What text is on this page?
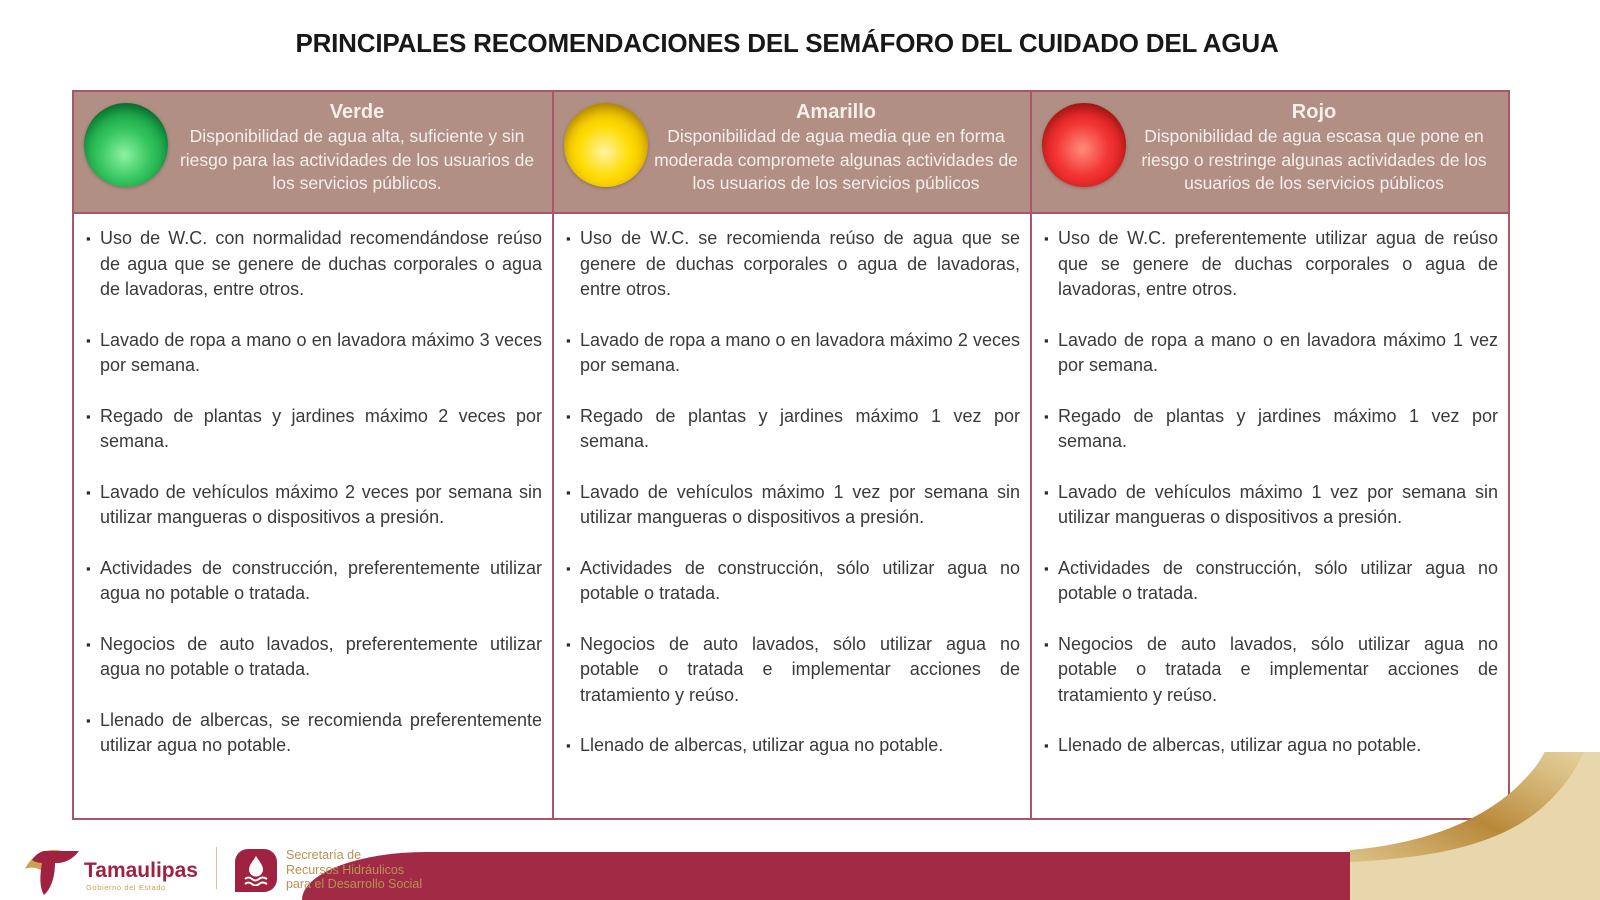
PRINCIPALES RECOMENDACIONES DEL SEMÁFORO DEL CUIDADO DEL AGUA
Verde
Disponibilidad de agua alta, suficiente y sin riesgo para las actividades de los usuarios de los servicios públicos.

▪ Uso de W.C. con normalidad recomendándose reúso de agua que se genere de duchas corporales o agua de lavadoras, entre otros.

▪ Lavado de ropa a mano o en lavadora máximo 3 veces por semana.

▪ Regado de plantas y jardines máximo 2 veces por semana.

▪ Lavado de vehículos máximo 2 veces por semana sin utilizar mangueras o dispositivos a presión.

▪ Actividades de construcción, preferentemente utilizar agua no potable o tratada.

▪ Negocios de auto lavados, preferentemente utilizar agua no potable o tratada.

▪ Llenado de albercas, se recomienda preferentemente utilizar agua no potable.

Amarillo
Disponibilidad de agua media que en forma moderada compromete algunas actividades de los usuarios de los servicios públicos

▪ Uso de W.C. se recomienda reúso de agua que se genere de duchas corporales o agua de lavadoras, entre otros.

▪ Lavado de ropa a mano o en lavadora máximo 2 veces por semana.

▪ Regado de plantas y jardines máximo 1 vez por semana.

▪ Lavado de vehículos máximo 1 vez por semana sin utilizar mangueras o dispositivos a presión.

▪ Actividades de construcción, sólo utilizar agua no potable o tratada.

▪ Negocios de auto lavados, sólo utilizar agua no potable o tratada e implementar acciones de tratamiento y reúso.

▪ Llenado de albercas, utilizar agua no potable.

Rojo
Disponibilidad de agua escasa que pone en riesgo o restringe algunas actividades de los usuarios de los servicios públicos

▪ Uso de W.C. preferentemente utilizar agua de reúso que se genere de duchas corporales o agua de lavadoras, entre otros.

▪ Lavado de ropa a mano o en lavadora máximo 1 vez por semana.

▪ Regado de plantas y jardines máximo 1 vez por semana.

▪ Lavado de vehículos máximo 1 vez por semana sin utilizar mangueras o dispositivos a presión.

▪ Actividades de construcción, sólo utilizar agua no potable o tratada.

▪ Negocios de auto lavados, sólo utilizar agua no potable o tratada e implementar acciones de tratamiento y reúso.

▪ Llenado de albercas, utilizar agua no potable.

Tamaulipas
Gobierno del Estado
Secretaría de
Recursos Hidráulicos
para el Desarrollo Social
